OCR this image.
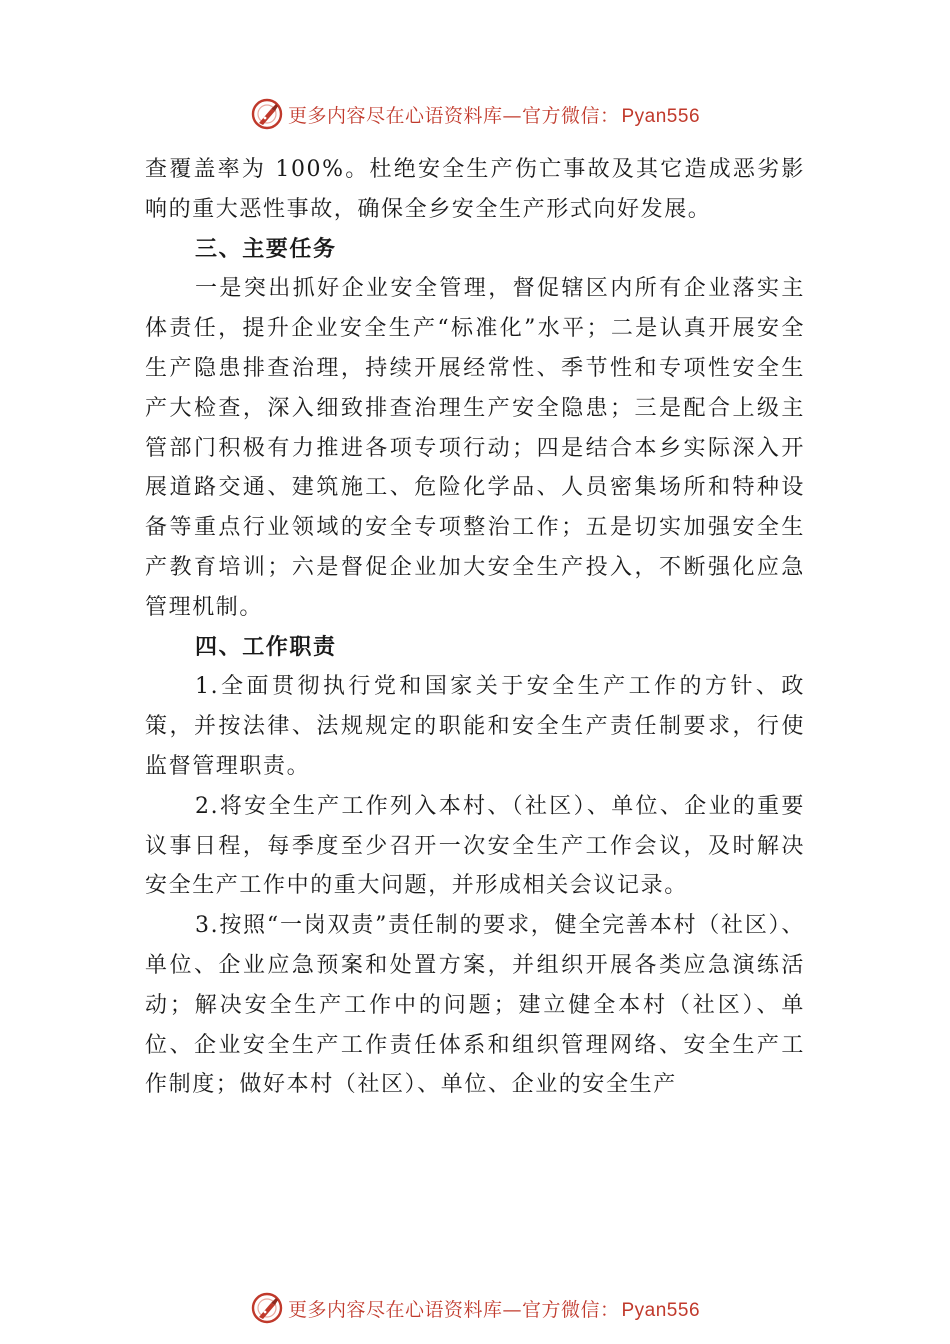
更多内容尽在心语资料库—官方微信： Pyan556

查覆盖率为 100%。杜绝安全生产伤亡事故及其它造成恶劣影响的重大恶性事故，确保全乡安全生产形式向好发展。

三、主要任务

一是突出抓好企业安全管理，督促辖区内所有企业落实主体责任，提升企业安全生产“标准化”水平；二是认真开展安全生产隐患排查治理，持续开展经常性、季节性和专项性安全生产大检查，深入细致排查治理生产安全隐患；三是配合上级主管部门积极有力推进各项专项行动；四是结合本乡实际深入开展道路交通、建筑施工、危险化学品、人员密集场所和特种设备等重点行业领域的安全专项整治工作；五是切实加强安全生产教育培训；六是督促企业加大安全生产投入，不断强化应急管理机制。

四、工作职责

1.全面贯彻执行党和国家关于安全生产工作的方针、政策，并按法律、法规规定的职能和安全生产责任制要求，行使监督管理职责。

2.将安全生产工作列入本村、（社区）、单位、企业的重要议事日程，每季度至少召开一次安全生产工作会议，及时解决安全生产工作中的重大问题，并形成相关会议记录。

3.按照“一岗双责”责任制的要求，健全完善本村（社区）、单位、企业应急预案和处置方案，并组织开展各类应急演练活动；解决安全生产工作中的问题；建立健全本村（社区）、单位、企业安全生产工作责任体系和组织管理网络、安全生产工作制度；做好本村（社区）、单位、企业的安全生产

更多内容尽在心语资料库—官方微信： Pyan556
